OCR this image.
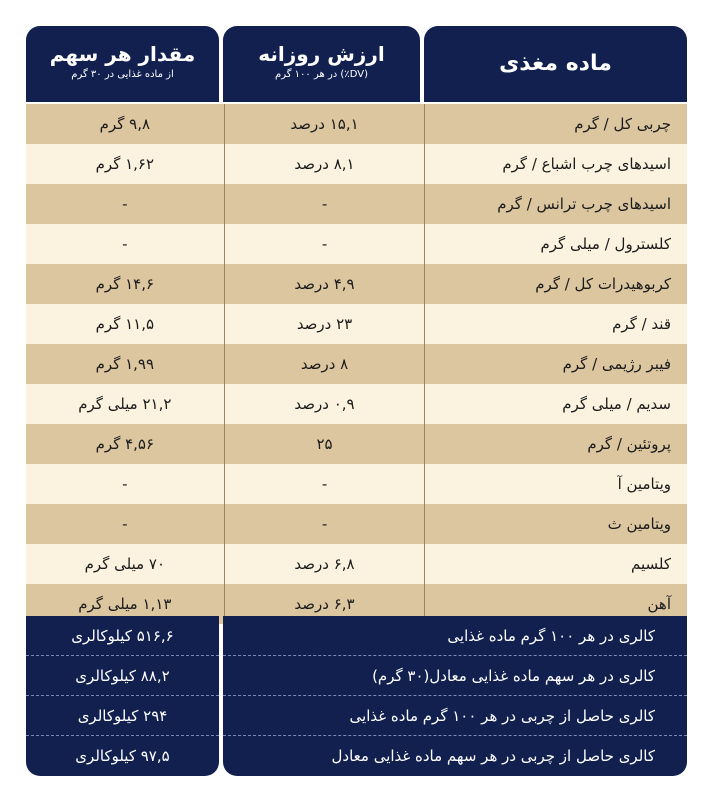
ماده مغذی
ارزش روزانه
(DV٪) در هر ۱۰۰ گرم
مقدار هر سهم
از ماده غذایی در ۳۰ گرم
چربی کل / گرم
۱۵,۱ درصد
۹,۸ گرم
اسیدهای چرب اشباع / گرم
۸,۱ درصد
۱,۶۲ گرم
اسیدهای چرب ترانس / گرم
-
-
کلسترول / میلی گرم
-
-
کربوهیدرات کل / گرم
۴,۹ درصد
۱۴,۶ گرم
قند / گرم
۲۳ درصد
۱۱,۵ گرم
فیبر رژیمی / گرم
۸ درصد
۱,۹۹ گرم
سدیم / میلی گرم
۰,۹ درصد
۲۱,۲ میلی گرم
پروتئین / گرم
۲۵
۴,۵۶ گرم
ویتامین آ
-
-
ویتامین ث
-
-
کلسیم
۶,۸ درصد
۷۰ میلی گرم
آهن
۶,۳ درصد
۱,۱۳ میلی گرم
کالری در هر ۱۰۰ گرم ماده غذایی
کالری در هر سهم ماده غذایی معادل(۳۰ گرم)
کالری حاصل از چربی در هر ۱۰۰ گرم ماده غذایی
کالری حاصل از چربی در هر سهم ماده غذایی معادل
۵۱۶,۶ کیلوکالری
۸۸,۲ کیلوکالری
۲۹۴ کیلوکالری
۹۷,۵ کیلوکالری
